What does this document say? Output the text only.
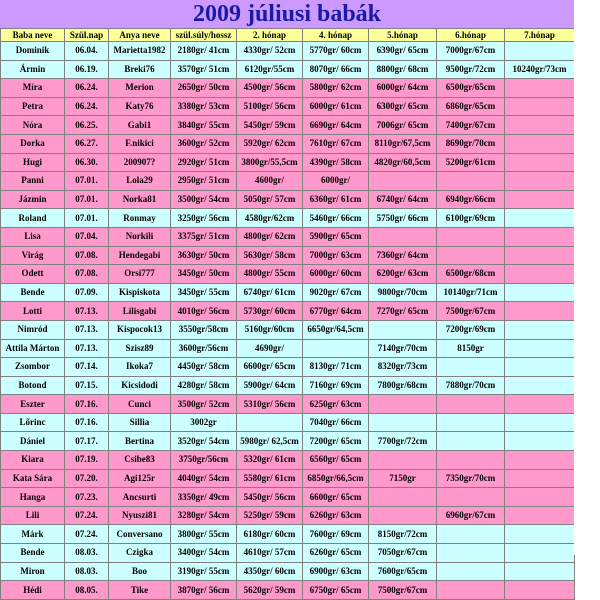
2009 júliusi babák
Baba neve	Szül.nap	Anya neve	szül.súly/hossz	2. hónap	4. hónap	5.hónap	6.hónap	7.hónap
Dominik	06.04.	Marietta1982	2180gr/ 41cm	4330gr/ 52cm	5770gr/ 60cm	6390gr/ 65cm	7000gr/67cm	
Ármin	06.19.	Breki76	3570gr/ 51cm	6120gr/55cm	8070gr/ 66cm	8800gr/ 68cm	9500gr/72cm	10240gr/73cm
Míra	06.24.	Merion	2650gr/ 50cm	4500gr/ 56cm	5800gr/ 62cm	6000gr/ 64cm	6500gr/65cm	
Petra	06.24.	Katy76	3380gr/ 53cm	5100gr/ 56cm	6000gr/ 61cm	6300gr/ 65cm	6860gr/65cm	
Nóra	06.25.	Gabi1	3840gr/ 55cm	5450gr/ 59cm	6690gr/ 64cm	7006gr/ 65cm	7400gr/67cm	
Dorka	06.27.	F.nikici	3600gr/ 52cm	5920gr/ 62cm	7610gr/ 67cm	8110gr/67,5cm	8690gr/70cm	
Hugi	06.30.	200907?	2920gr/ 51cm	3800gr/55,5cm	4390gr/ 58cm	4820gr/60,5cm	5200gr/61cm	
Panni	07.01.	Lola29	2950gr/ 51cm	4600gr/	6000gr/			
Jázmin	07.01.	Norka81	3500gr/ 54cm	5050gr/ 57cm	6360gr/ 61cm	6740gr/ 64cm	6940gr/66cm	
Roland	07.01.	Ronmay	3250gr/ 56cm	4580gr/62cm	5460gr/ 66cm	5750gr/ 66cm	6100gr/69cm	
Lisa	07.04.	Norkili	3375gr/ 51cm	4800gr/ 62cm	5900gr/ 65cm			
Virág	07.08.	Hendegabi	3630gr/ 50cm	5630gr/ 58cm	7000gr/ 63cm	7360gr/ 64cm		
Odett	07.08.	Orsi777	3450gr/ 50cm	4800gr/ 55cm	6000gr/ 60cm	6200gr/ 63cm	6500gr/68cm	
Bende	07.09.	Kispiskota	3450gr/ 55cm	6740gr/ 61cm	9020gr/ 67cm	9800gr/70cm	10140gr/71cm	
Lotti	07.13.	Lilisgabi	4010gr/ 56cm	5730gr/ 60cm	6770gr/ 64cm	7270gr/ 65cm	7500gr/67cm	
Nimród	07.13.	Kispocok13	3550gr/58cm	5160gr/60cm	6650gr/64,5cm		7200gr/69cm	
Attila Márton	07.13.	Szisz89	3600gr/56cm	4690gr/		7140gr/70cm	8150gr	
Zsombor	07.14.	Ikoka7	4450gr/ 58cm	6600gr/ 65cm	8130gr/ 71cm	8320gr/73cm		
Botond	07.15.	Kicsidodi	4280gr/ 58cm	5900gr/ 64cm	7160gr/ 69cm	7800gr/68cm	7880gr/70cm	
Eszter	07.16.	Cunci	3500gr/ 52cm	5310gr/ 56cm	6250gr/ 63cm			
Lőrinc	07.16.	Sillia	3002gr		7040gr/ 66cm			
Dániel	07.17.	Bertina	3520gr/ 54cm	5980gr/ 62,5cm	7200gr/ 65cm	7700gr/72cm		
Kiara	07.19.	Csibe83	3750gr/56cm	5320gr/ 61cm	6560gr/ 65cm			
Kata Sára	07.20.	Agi125r	4040gr/ 54cm	5580gr/ 61cm	6850gr/66,5cm	7150gr	7350gr/70cm	
Hanga	07.23.	Ancsurti	3350gr/ 49cm	5450gr/ 56cm	6600gr/ 65cm			
Lili	07.24.	Nyuszi81	3280gr/ 54cm	5250gr/ 59cm	6260gr/ 63cm		6960gr/67cm	
Márk	07.24.	Conversano	3800gr/ 55cm	6180gr/ 60cm	7600gr/ 69cm	8150gr/72cm		
Bende	08.03.	Czigka	3400gr/ 54cm	4610gr/ 57cm	6260gr/ 65cm	7050gr/67cm		
Miron	08.03.	Boo	3190gr/ 55cm	4350gr/ 60cm	6900gr/ 63cm	7600gr/65cm		
Hédi	08.05.	Tike	3870gr/ 56cm	5620gr/ 59cm	6750gr/ 65cm	7500gr/67cm		
